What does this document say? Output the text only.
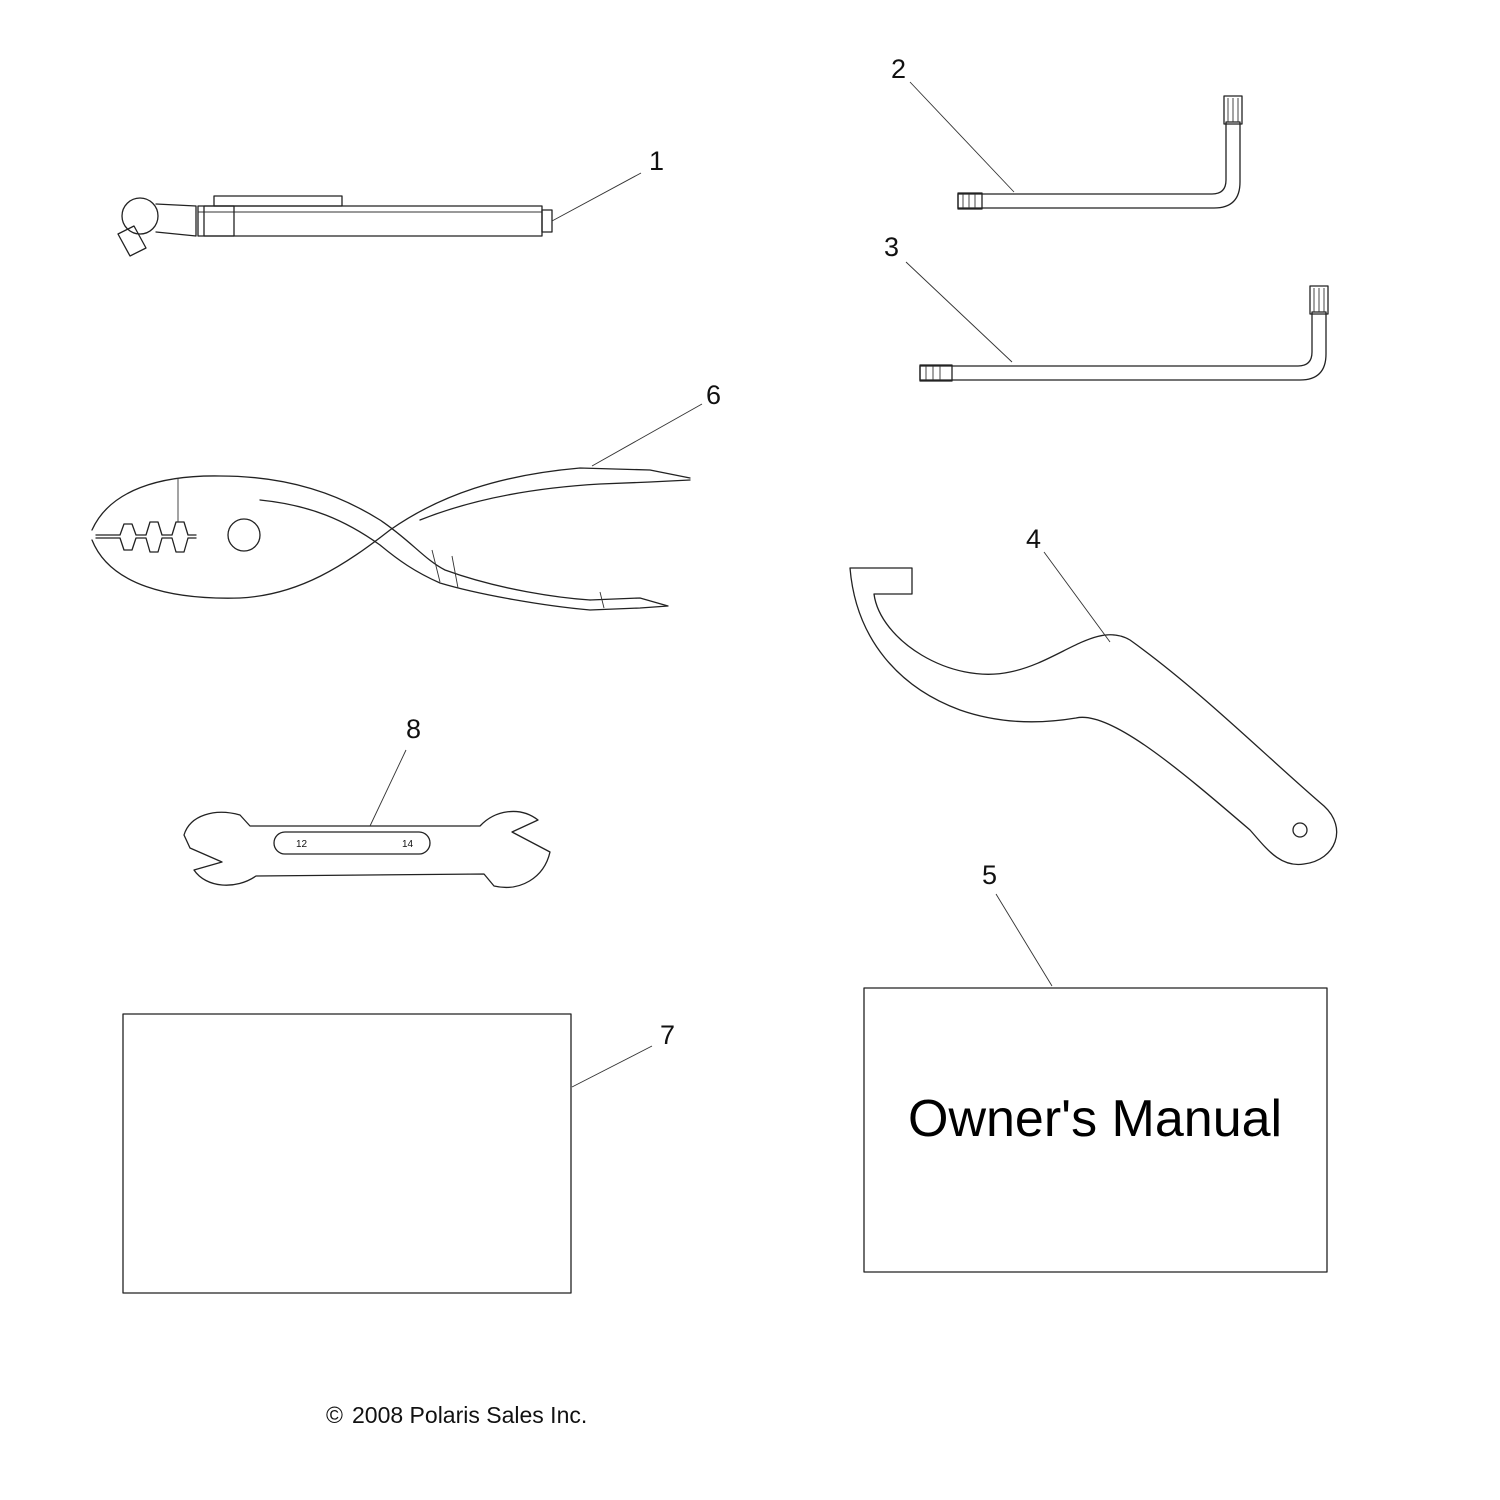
1
2
3
6
4
12	14
8
Owner's Manual
5
7
© 2008 Polaris Sales Inc.
